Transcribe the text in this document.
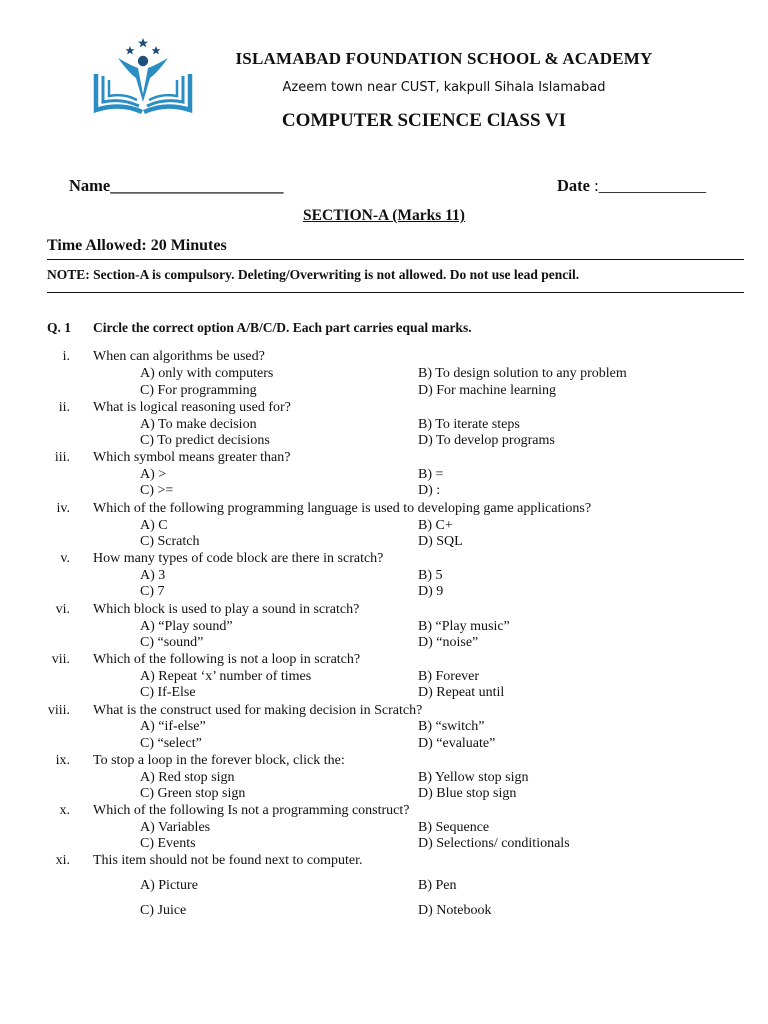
ISLAMABAD FOUNDATION SCHOOL & ACADEMY
Azeem town near CUST, kakpull Sihala Islamabad
COMPUTER SCIENCE ClASS VI
Name_____________________	Date :_____________
SECTION-A (Marks 11)
Time Allowed: 20 Minutes
NOTE: Section-A is compulsory. Deleting/Overwriting is not allowed. Do not use lead pencil.
Q. 1 Circle the correct option A/B/C/D. Each part carries equal marks.
i. When can algorithms be used?
A) only with computers	B) To design solution to any problem
C) For programming	D) For machine learning
ii. What is logical reasoning used for?
A) To make decision	B) To iterate steps
C) To predict decisions	D) To develop programs
iii. Which symbol means greater than?
A) >	B) =
C) >=	D) :
iv. Which of the following programming language is used to developing game applications?
A) C	B) C+
C) Scratch	D) SQL
v. How many types of code block are there in scratch?
A) 3	B) 5
C) 7	D) 9
vi. Which block is used to play a sound in scratch?
A) “Play sound”	B) “Play music”
C) “sound”	D) “noise”
vii. Which of the following is not a loop in scratch?
A) Repeat ‘x’ number of times	B) Forever
C) If-Else	D) Repeat until
viii. What is the construct used for making decision in Scratch?
A) “if-else”	B) “switch”
C) “select”	D) “evaluate”
ix. To stop a loop in the forever block, click the:
A) Red stop sign	B) Yellow stop sign
C) Green stop sign	D) Blue stop sign
x. Which of the following Is not a programming construct?
A) Variables	B) Sequence
C) Events	D) Selections/ conditionals
xi. This item should not be found next to computer.
A) Picture	B) Pen
C) Juice	D) Notebook
